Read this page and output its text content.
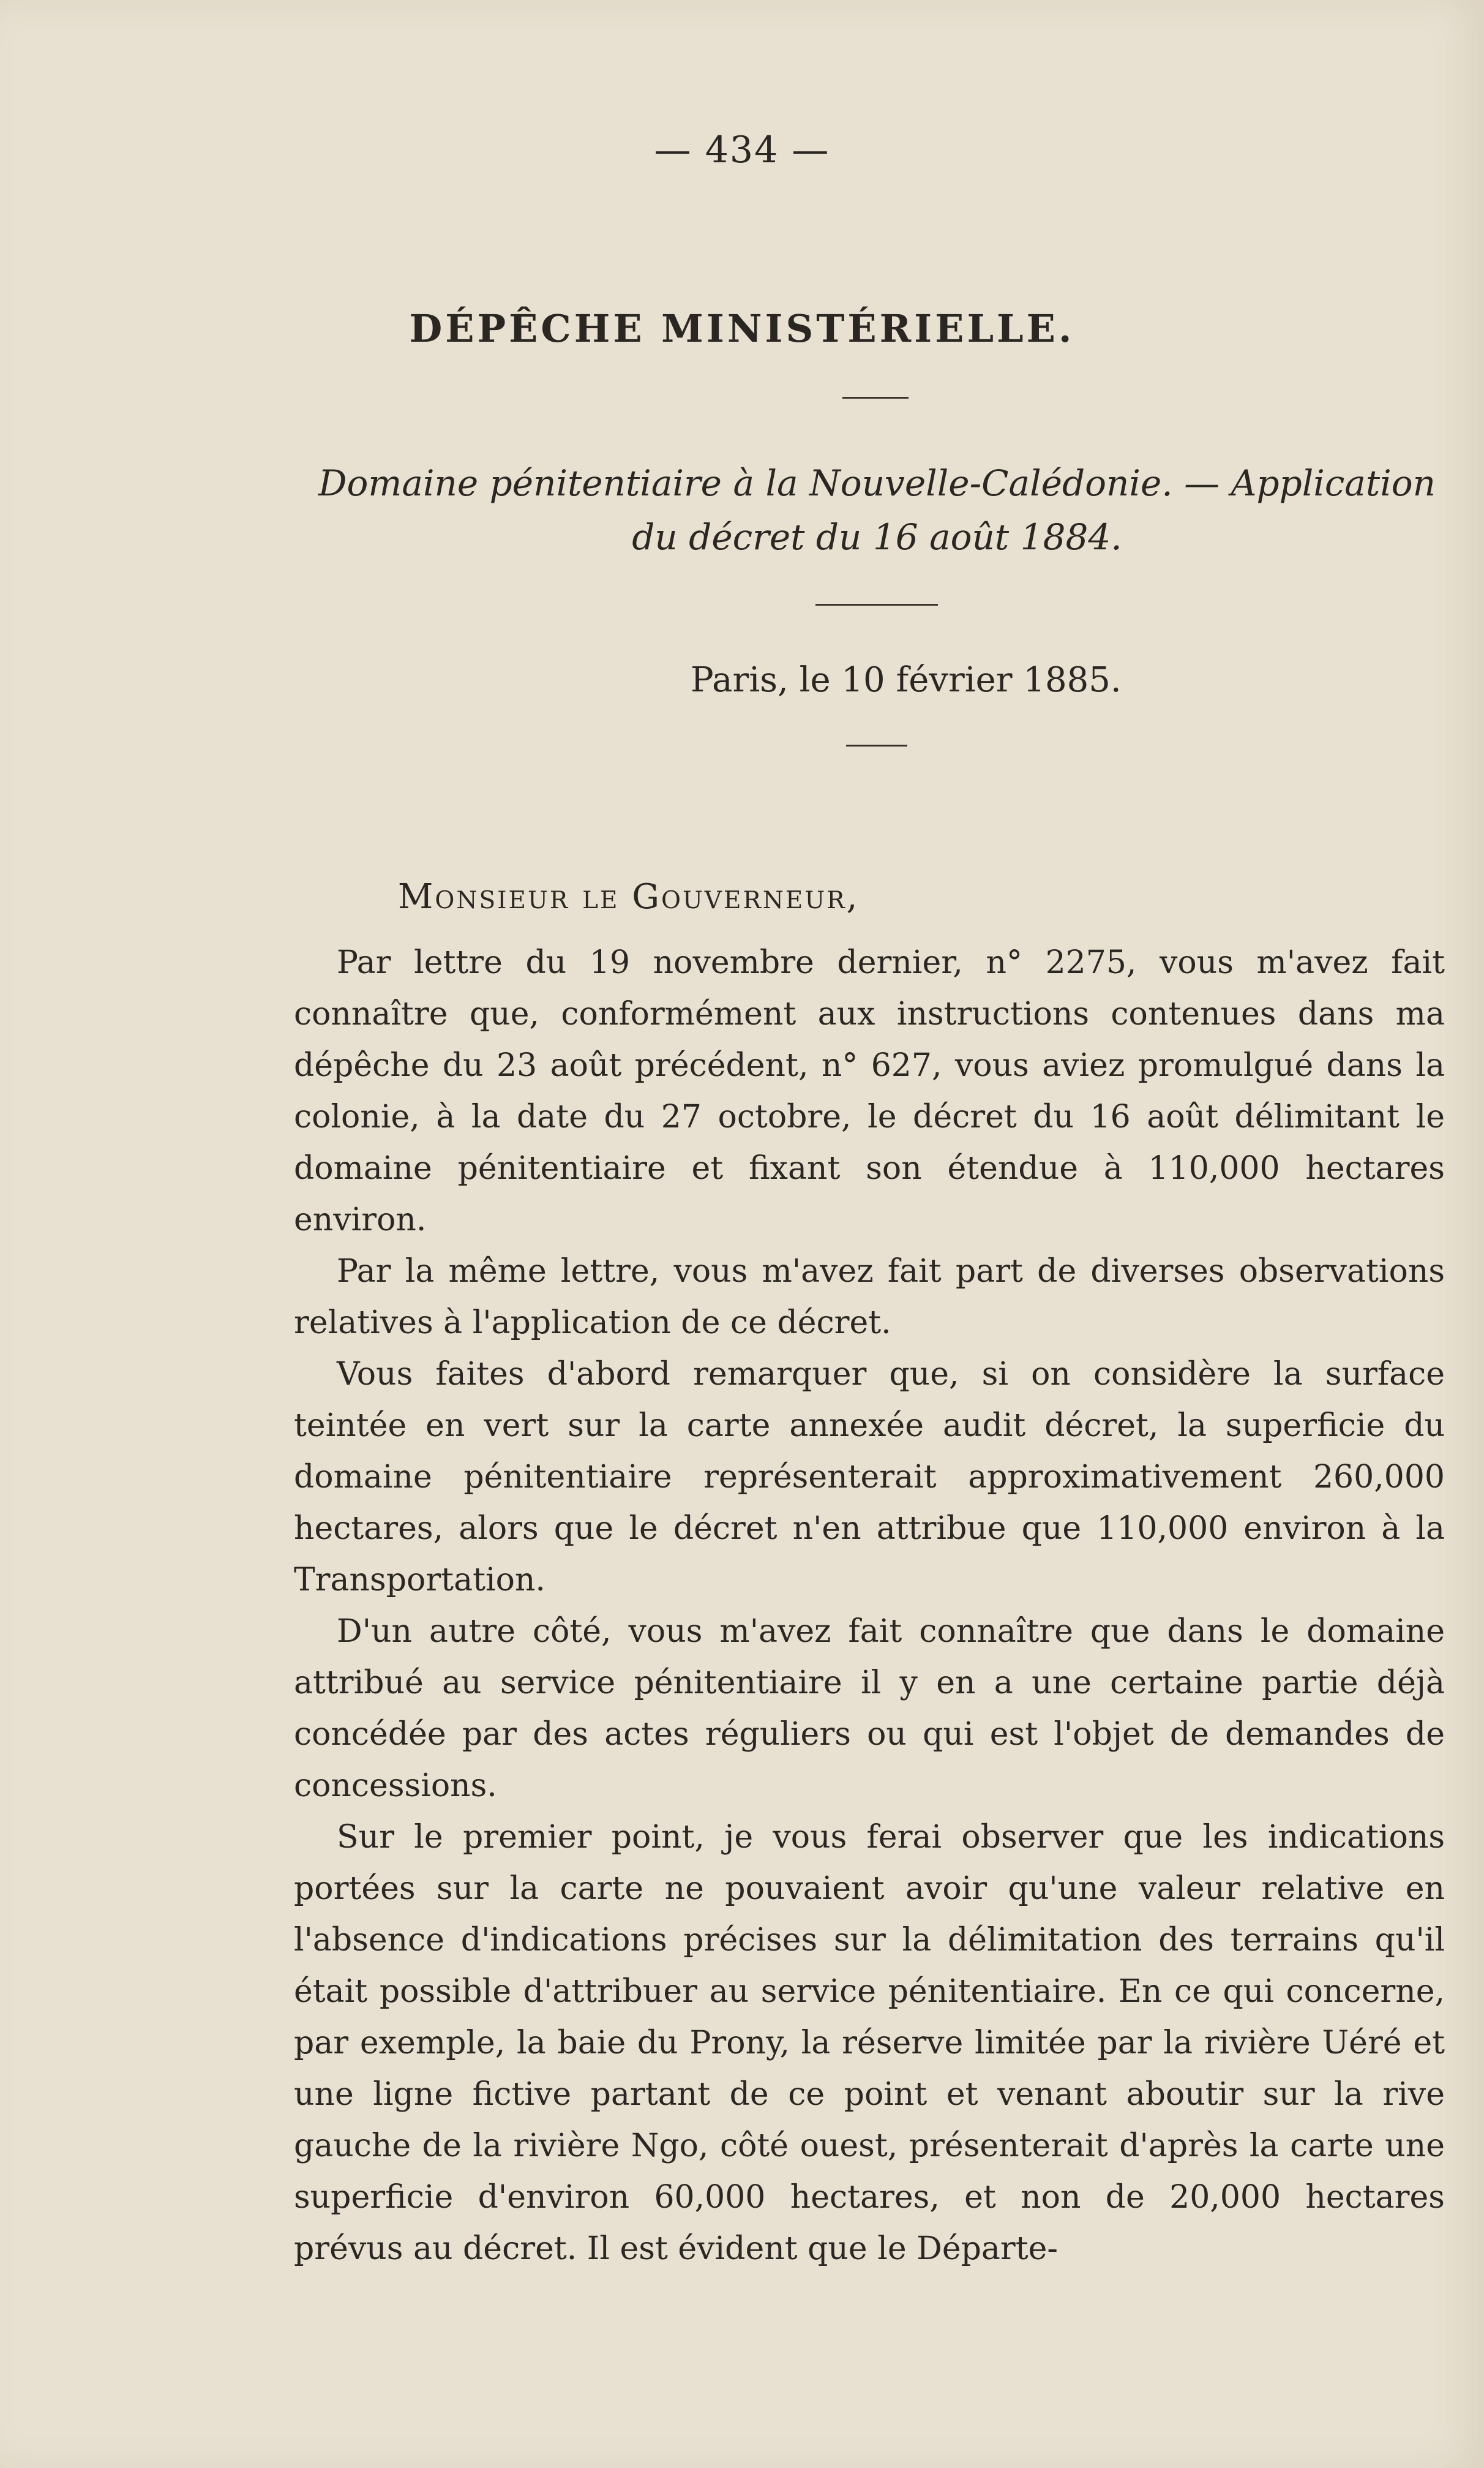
— 434 —
DÉPÊCHE MINISTÉRIELLE.
Domaine pénitentiaire à la Nouvelle-Calédonie. — Application du décret du 16 août 1884.
Paris, le 10 février 1885.
Monsieur le Gouverneur,

Par lettre du 19 novembre dernier, n° 2275, vous m'avez fait connaître que, conformément aux instructions contenues dans ma dépêche du 23 août précédent, n° 627, vous aviez promulgué dans la colonie, à la date du 27 octobre, le décret du 16 août délimitant le domaine pénitentiaire et fixant son étendue à 110,000 hectares environ.

Par la même lettre, vous m'avez fait part de diverses observations relatives à l'application de ce décret.

Vous faites d'abord remarquer que, si on considère la surface teintée en vert sur la carte annexée audit décret, la superficie du domaine pénitentiaire représenterait approximativement 260,000 hectares, alors que le décret n'en attribue que 110,000 environ à la Transportation.

D'un autre côté, vous m'avez fait connaître que dans le domaine attribué au service pénitentiaire il y en a une certaine partie déjà concédée par des actes réguliers ou qui est l'objet de demandes de concessions.

Sur le premier point, je vous ferai observer que les indications portées sur la carte ne pouvaient avoir qu'une valeur relative en l'absence d'indications précises sur la délimitation des terrains qu'il était possible d'attribuer au service pénitentiaire. En ce qui concerne, par exemple, la baie du Prony, la réserve limitée par la rivière Uéré et une ligne fictive partant de ce point et venant aboutir sur la rive gauche de la rivière Ngo, côté ouest, présenterait d'après la carte une superficie d'environ 60,000 hectares, et non de 20,000 hectares prévus au décret. Il est évident que le Départe-
